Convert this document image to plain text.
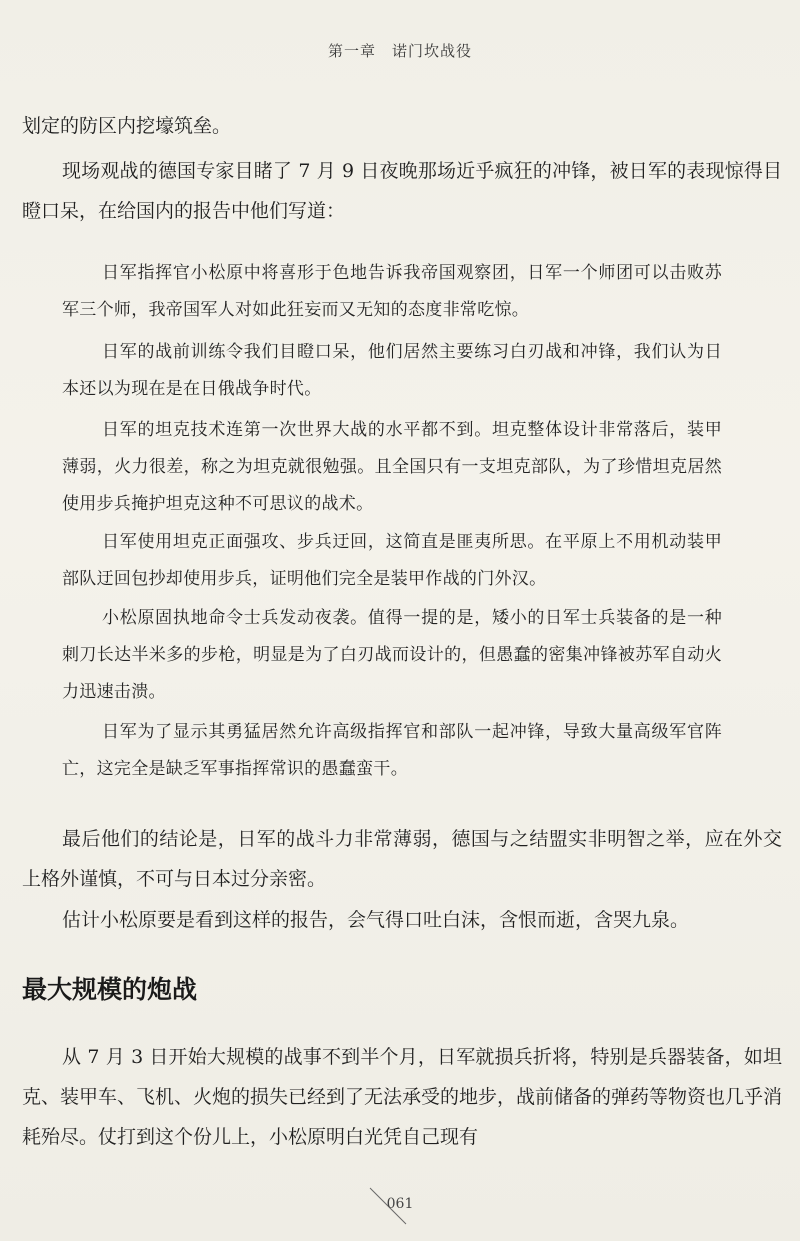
第一章　诺门坎战役

划定的防区内挖壕筑垒。

现场观战的德国专家目睹了 7 月 9 日夜晚那场近乎疯狂的冲锋，被日军的表现惊得目瞪口呆，在给国内的报告中他们写道：

日军指挥官小松原中将喜形于色地告诉我帝国观察团，日军一个师团可以击败苏军三个师，我帝国军人对如此狂妄而又无知的态度非常吃惊。

日军的战前训练令我们目瞪口呆，他们居然主要练习白刃战和冲锋，我们认为日本还以为现在是在日俄战争时代。

日军的坦克技术连第一次世界大战的水平都不到。坦克整体设计非常落后，装甲薄弱，火力很差，称之为坦克就很勉强。且全国只有一支坦克部队，为了珍惜坦克居然使用步兵掩护坦克这种不可思议的战术。

日军使用坦克正面强攻、步兵迂回，这简直是匪夷所思。在平原上不用机动装甲部队迂回包抄却使用步兵，证明他们完全是装甲作战的门外汉。

小松原固执地命令士兵发动夜袭。值得一提的是，矮小的日军士兵装备的是一种刺刀长达半米多的步枪，明显是为了白刃战而设计的，但愚蠢的密集冲锋被苏军自动火力迅速击溃。

日军为了显示其勇猛居然允许高级指挥官和部队一起冲锋，导致大量高级军官阵亡，这完全是缺乏军事指挥常识的愚蠢蛮干。

最后他们的结论是，日军的战斗力非常薄弱，德国与之结盟实非明智之举，应在外交上格外谨慎，不可与日本过分亲密。

估计小松原要是看到这样的报告，会气得口吐白沫，含恨而逝，含哭九泉。

最大规模的炮战

从 7 月 3 日开始大规模的战事不到半个月，日军就损兵折将，特别是兵器装备，如坦克、装甲车、飞机、火炮的损失已经到了无法承受的地步，战前储备的弹药等物资也几乎消耗殆尽。仗打到这个份儿上，小松原明白光凭自己现有

061
